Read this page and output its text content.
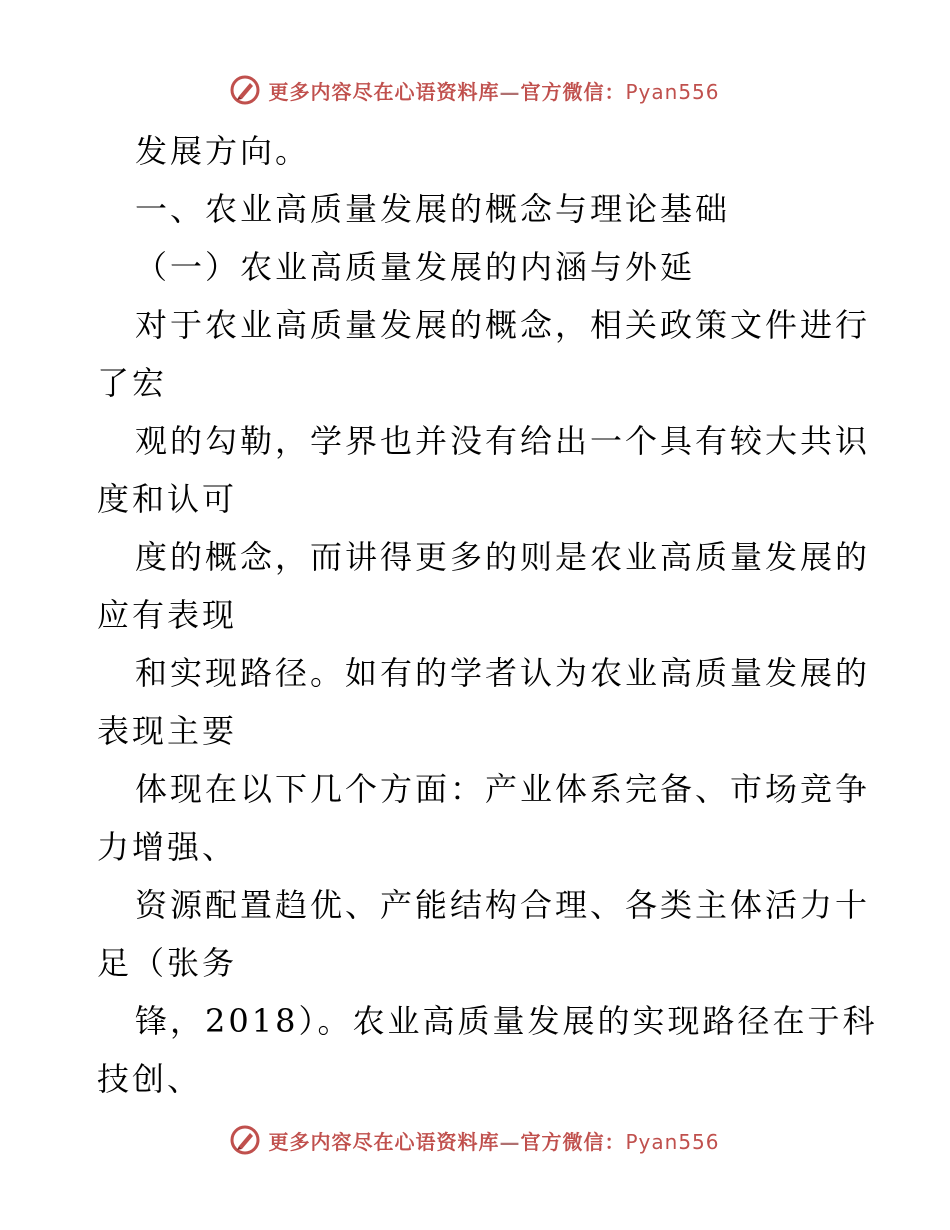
更多内容尽在心语资料库—官方微信：Pyan556
发展方向。
一、农业高质量发展的概念与理论基础
（一）农业高质量发展的内涵与外延
对于农业高质量发展的概念，相关政策文件进行
了宏
观的勾勒，学界也并没有给出一个具有较大共识
度和认可
度的概念，而讲得更多的则是农业高质量发展的
应有表现
和实现路径。如有的学者认为农业高质量发展的
表现主要
体现在以下几个方面：产业体系完备、市场竞争
力增强、
资源配置趋优、产能结构合理、各类主体活力十
足（张务
锋，2018）。农业高质量发展的实现路径在于科
技创、
更多内容尽在心语资料库—官方微信：Pyan556
